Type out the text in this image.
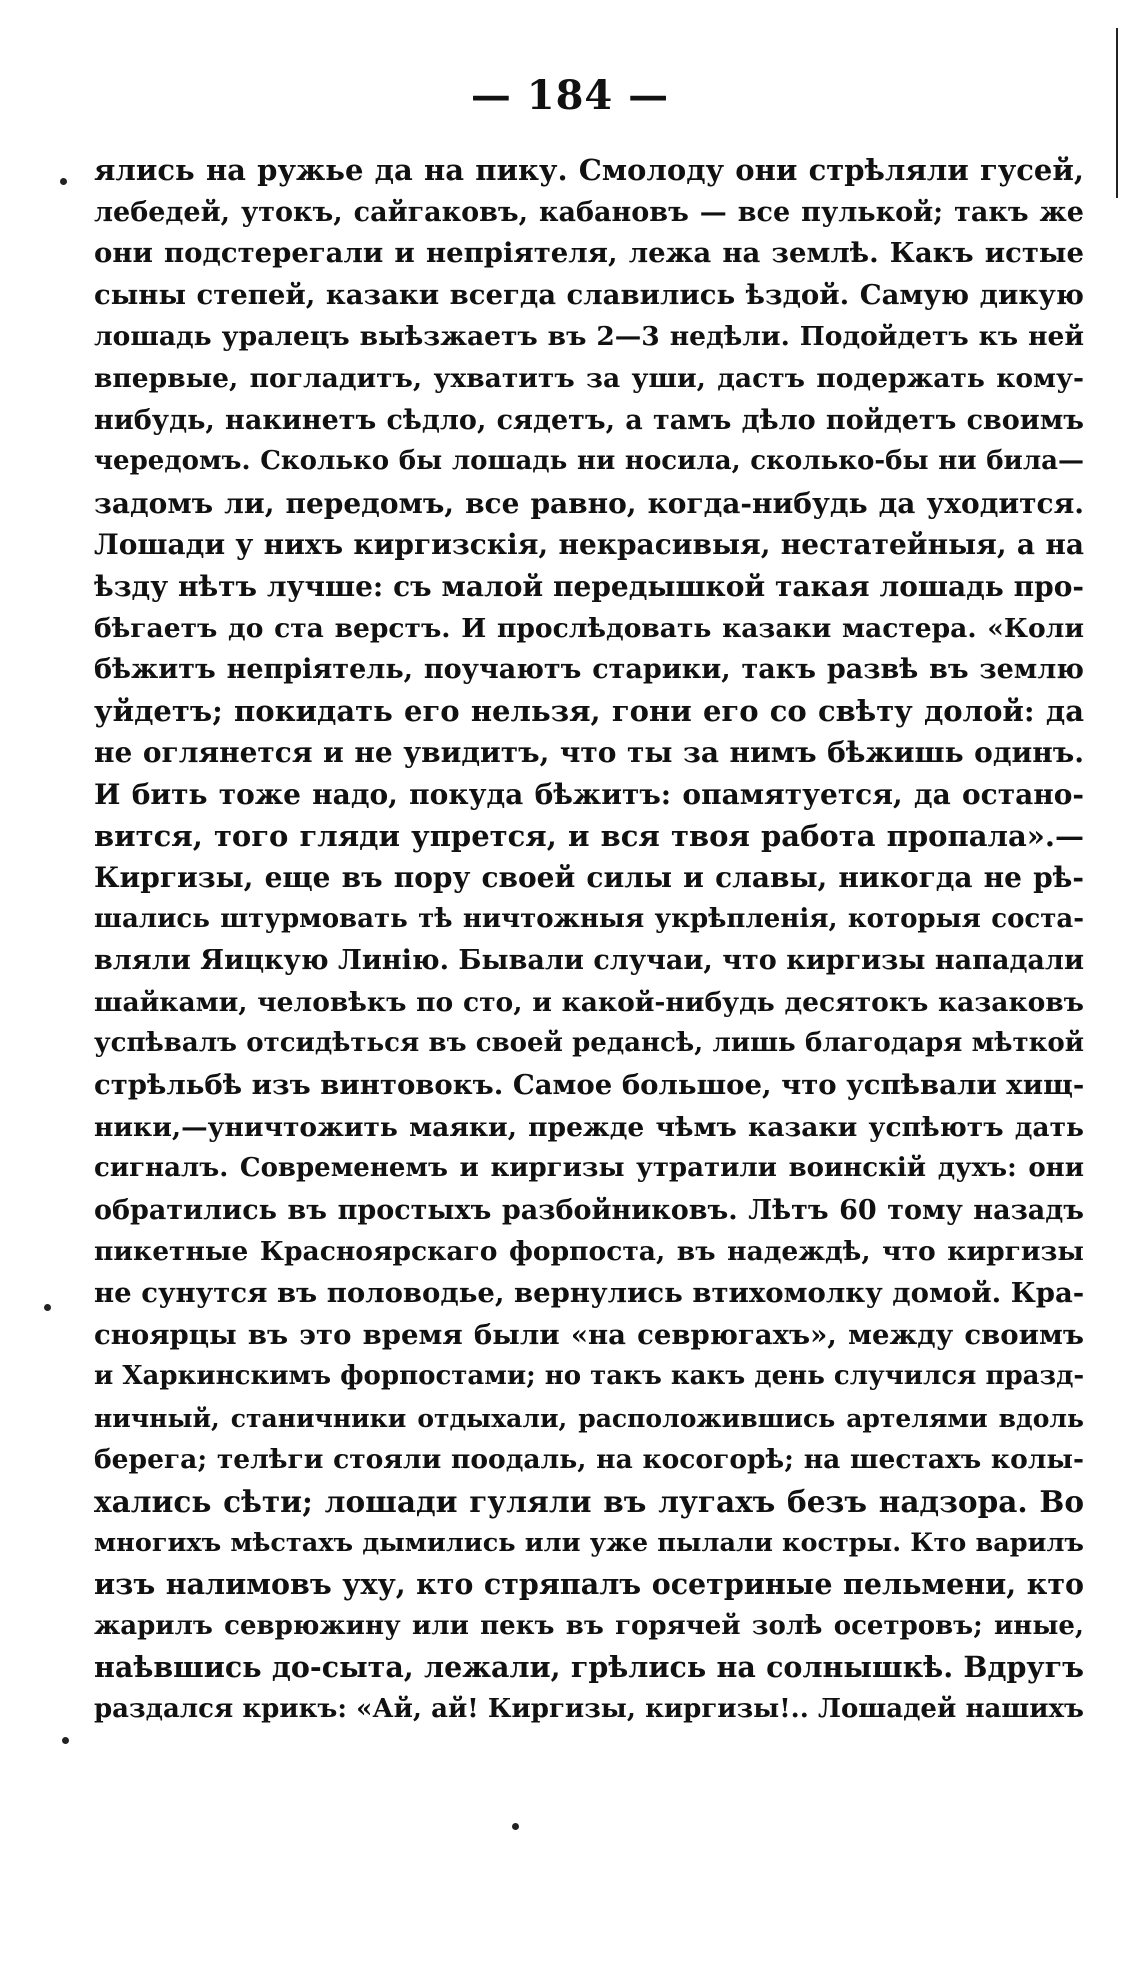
— 184 —
ялись на ружье да на пику. Смолоду они стрѣляли гусей,
лебедей, утокъ, сайгаковъ, кабановъ — все пулькой; такъ же
они подстерегали и непріятеля, лежа на землѣ. Какъ истые
сыны степей, казаки всегда славились ѣздой. Самую дикую
лошадь уралецъ выѣзжаетъ въ 2—3 недѣли. Подойдетъ къ ней
впервые, погладитъ, ухватитъ за уши, дастъ подержать кому-
нибудь, накинетъ сѣдло, сядетъ, а тамъ дѣло пойдетъ своимъ
чередомъ. Сколько бы лошадь ни носила, сколько-бы ни била—
задомъ ли, передомъ, все равно, когда-нибудь да уходится.
Лошади у нихъ киргизскія, некрасивыя, нестатейныя, а на
ѣзду нѣтъ лучше: съ малой передышкой такая лошадь про-
бѣгаетъ до ста верстъ. И прослѣдовать казаки мастера. «Коли
бѣжитъ непріятель, поучаютъ старики, такъ развѣ въ землю
уйдетъ; покидать его нельзя, гони его со свѣту долой: да
не оглянется и не увидитъ, что ты за нимъ бѣжишь одинъ.
И бить тоже надо, покуда бѣжитъ: опамятуется, да остано-
вится, того гляди упрется, и вся твоя работа пропала».—
Киргизы, еще въ пору своей силы и славы, никогда не рѣ-
шались штурмовать тѣ ничтожныя укрѣпленія, которыя соста-
вляли Яицкую Линію. Бывали случаи, что киргизы нападали
шайками, человѣкъ по сто, и какой-нибудь десятокъ казаковъ
успѣвалъ отсидѣться въ своей редансѣ, лишь благодаря мѣткой
стрѣльбѣ изъ винтовокъ. Самое большое, что успѣвали хищ-
ники,—уничтожить маяки, прежде чѣмъ казаки успѣютъ дать
сигналъ. Современемъ и киргизы утратили воинскій духъ: они
обратились въ простыхъ разбойниковъ. Лѣтъ 60 тому назадъ
пикетные Красноярскаго форпоста, въ надеждѣ, что киргизы
не сунутся въ половодье, вернулись втихомолку домой. Кра-
сноярцы въ это время были «на севрюгахъ», между своимъ
и Харкинскимъ форпостами; но такъ какъ день случился празд-
ничный, станичники отдыхали, расположившись артелями вдоль
берега; телѣги стояли поодаль, на косогорѣ; на шестахъ колы-
хались сѣти; лошади гуляли въ лугахъ безъ надзора. Во
многихъ мѣстахъ дымились или уже пылали костры. Кто варилъ
изъ налимовъ уху, кто стряпалъ осетриные пельмени, кто
жарилъ севрюжину или пекъ въ горячей золѣ осетровъ; иные,
наѣвшись до-сыта, лежали, грѣлись на солнышкѣ. Вдругъ
раздался крикъ: «Ай, ай! Киргизы, киргизы!.. Лошадей нашихъ
